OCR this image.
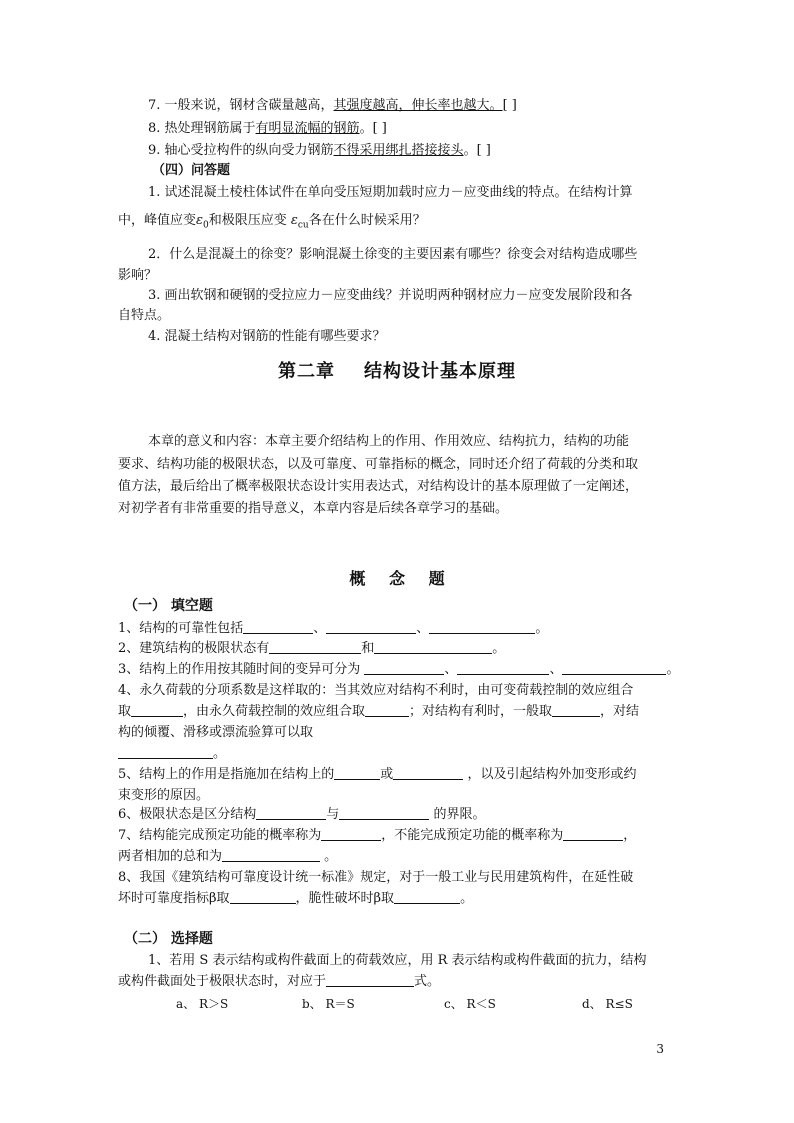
7. 一般来说，钢材含碳量越高，其强度越高，伸长率也越大。[ ]
8. 热处理钢筋属于有明显流幅的钢筋。[ ]
9. 轴心受拉构件的纵向受力钢筋不得采用绑扎搭接接头。[ ]
（四）问答题
1. 试述混凝土棱柱体试件在单向受压短期加载时应力－应变曲线的特点。在结构计算
中，峰值应变$\varepsilon_0$和极限压应变 $\varepsilon_{cu}$各在什么时候采用？
2．什么是混凝土的徐变？影响混凝土徐变的主要因素有哪些？徐变会对结构造成哪些
影响？
3. 画出软钢和硬钢的受拉应力－应变曲线？并说明两种钢材应力－应变发展阶段和各
自特点。
4. 混凝土结构对钢筋的性能有哪些要求？
第二章    结构设计基本原理
本章的意义和内容：本章主要介绍结构上的作用、作用效应、结构抗力，结构的功能
要求、结构功能的极限状态，以及可靠度、可靠指标的概念，同时还介绍了荷载的分类和取
值方法，最后给出了概率极限状态设计实用表达式，对结构设计的基本原理做了一定阐述，
对初学者有非常重要的指导意义，本章内容是后续各章学习的基础。
概 念 题
（一） 填空题
1、结构的可靠性包括	、	、	。
2、建筑结构的极限状态有	和	。
3、结构上的作用按其随时间的变异可分为	、	、	。
4、永久荷载的分项系数是这样取的：当其效应对结构不利时，由可变荷载控制的效应组合
取	，由永久荷载控制的效应组合取	；对结构有利时，一般取	，对结
构的倾覆、滑移或漂流验算可以取
。
5、结构上的作用是指施加在结构上的	或	，以及引起结构外加变形或约
束变形的原因。
6、极限状态是区分结构	与	的界限。
7、结构能完成预定功能的概率称为	，不能完成预定功能的概率称为	，
两者相加的总和为	。
8、我国《建筑结构可靠度设计统一标准》规定，对于一般工业与民用建筑构件，在延性破
坏时可靠度指标β取	，脆性破坏时β取	。
（二） 选择题
1、若用 S 表示结构或构件截面上的荷载效应，用 R 表示结构或构件截面的抗力，结构
或构件截面处于极限状态时，对应于	式。
a、 R＞S	b、 R＝S	c、 R＜S	d、 R≤S
3
